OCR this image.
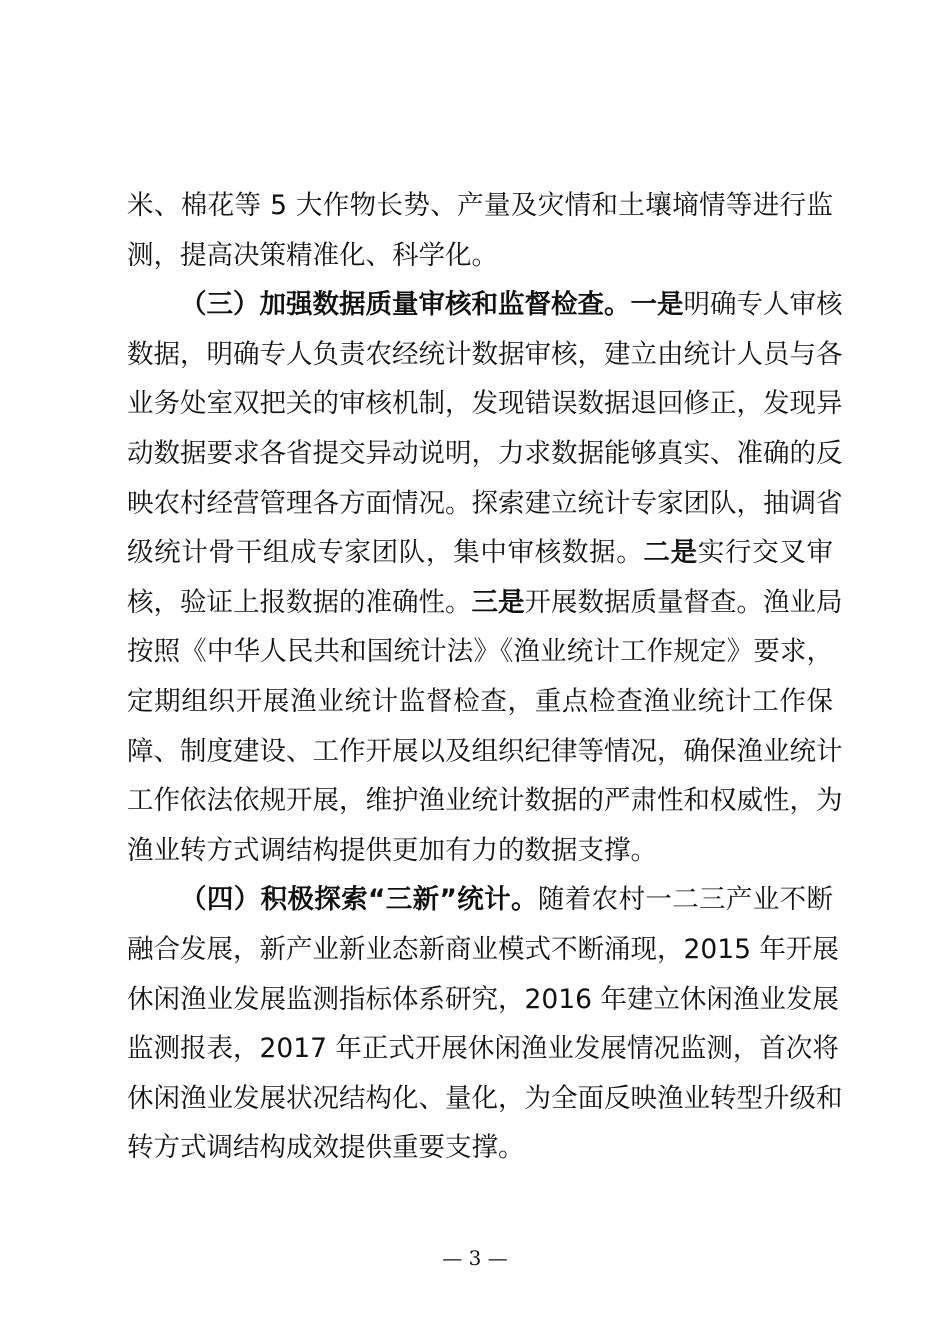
米、棉花等 5 大作物长势、产量及灾情和土壤墒情等进行监
测，提高决策精准化、科学化。
（三）加强数据质量审核和监督检查。一是明确专人审核
数据，明确专人负责农经统计数据审核，建立由统计人员与各
业务处室双把关的审核机制，发现错误数据退回修正，发现异
动数据要求各省提交异动说明，力求数据能够真实、准确的反
映农村经营管理各方面情况。探索建立统计专家团队，抽调省
级统计骨干组成专家团队，集中审核数据。二是实行交叉审
核，验证上报数据的准确性。三是开展数据质量督查。渔业局
按照《中华人民共和国统计法》《渔业统计工作规定》要求，
定期组织开展渔业统计监督检查，重点检查渔业统计工作保
障、制度建设、工作开展以及组织纪律等情况，确保渔业统计
工作依法依规开展，维护渔业统计数据的严肃性和权威性，为
渔业转方式调结构提供更加有力的数据支撑。
（四）积极探索“三新”统计。随着农村一二三产业不断
融合发展，新产业新业态新商业模式不断涌现，2015 年开展
休闲渔业发展监测指标体系研究，2016 年建立休闲渔业发展
监测报表，2017 年正式开展休闲渔业发展情况监测，首次将
休闲渔业发展状况结构化、量化，为全面反映渔业转型升级和
转方式调结构成效提供重要支撑。
— 3 —
